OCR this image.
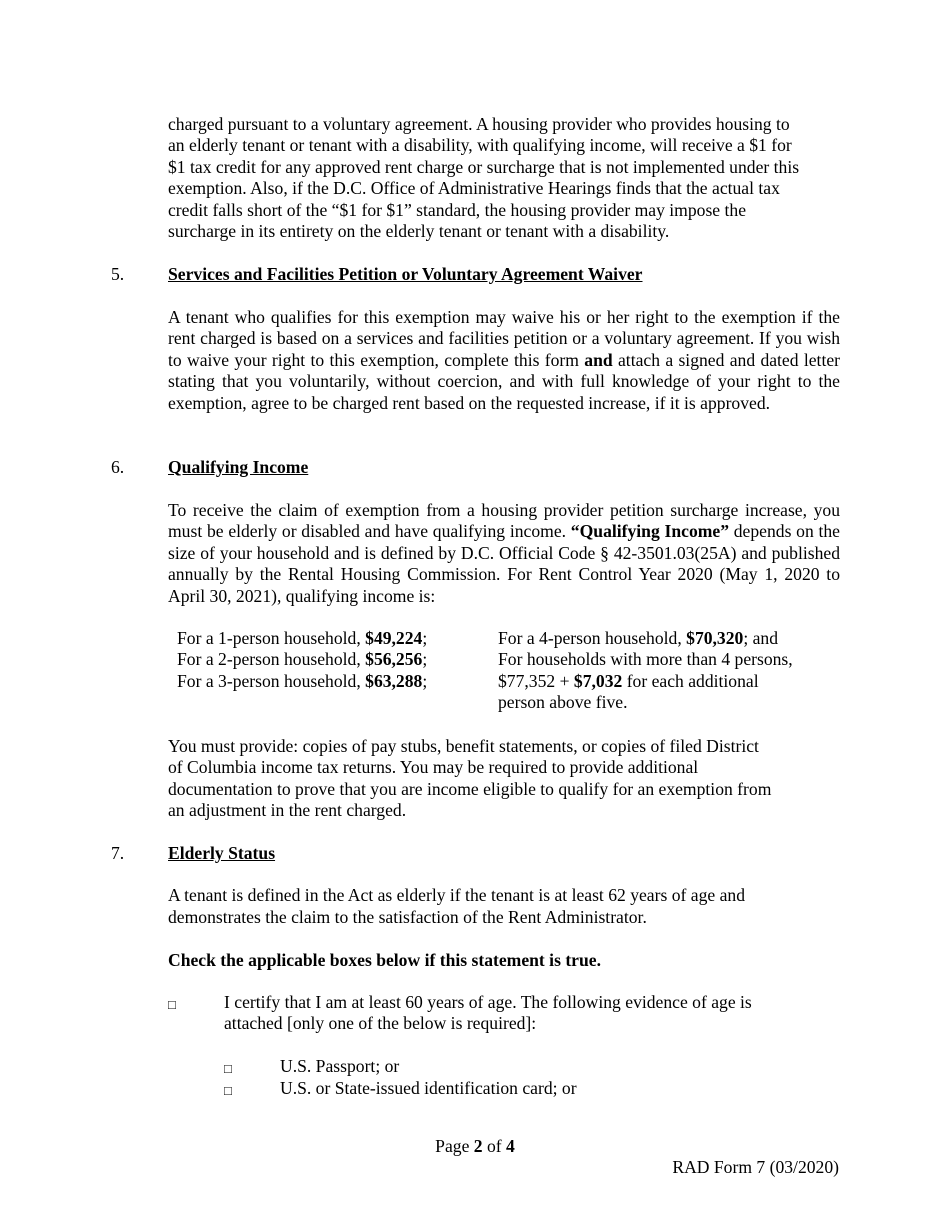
charged pursuant to a voluntary agreement. A housing provider who provides housing to
an elderly tenant or tenant with a disability, with qualifying income, will receive a $1 for
$1 tax credit for any approved rent charge or surcharge that is not implemented under this
exemption. Also, if the D.C. Office of Administrative Hearings finds that the actual tax
credit falls short of the “$1 for $1” standard, the housing provider may impose the
surcharge in its entirety on the elderly tenant or tenant with a disability.
5. Services and Facilities Petition or Voluntary Agreement Waiver

A tenant who qualifies for this exemption may waive his or her right to the exemption if the rent charged is based on a services and facilities petition or a voluntary agreement. If you wish to waive your right to this exemption, complete this form and attach a signed and dated letter stating that you voluntarily, without coercion, and with full knowledge of your right to the exemption, agree to be charged rent based on the requested increase, if it is approved.

6. Qualifying Income

To receive the claim of exemption from a housing provider petition surcharge increase, you must be elderly or disabled and have qualifying income. “Qualifying Income” depends on the size of your household and is defined by D.C. Official Code § 42-3501.03(25A) and published annually by the Rental Housing Commission. For Rent Control Year 2020 (May 1, 2020 to April 30, 2021), qualifying income is:

For a 1-person household, $49,224;
For a 2-person household, $56,256;
For a 3-person household, $63,288;
For a 4-person household, $70,320; and
For households with more than 4 persons,
$77,352 + $7,032 for each additional
person above five.
You must provide: copies of pay stubs, benefit statements, or copies of filed District
of Columbia income tax returns. You may be required to provide additional
documentation to prove that you are income eligible to qualify for an exemption from
an adjustment in the rent charged.
7. Elderly Status
A tenant is defined in the Act as elderly if the tenant is at least 62 years of age and
demonstrates the claim to the satisfaction of the Rent Administrator.
Check the applicable boxes below if this statement is true.
□	I certify that I am at least 60 years of age. The following evidence of age is
attached [only one of the below is required]:
□	U.S. Passport; or
□	U.S. or State-issued identification card; or
Page 2 of 4
RAD Form 7 (03/2020)
